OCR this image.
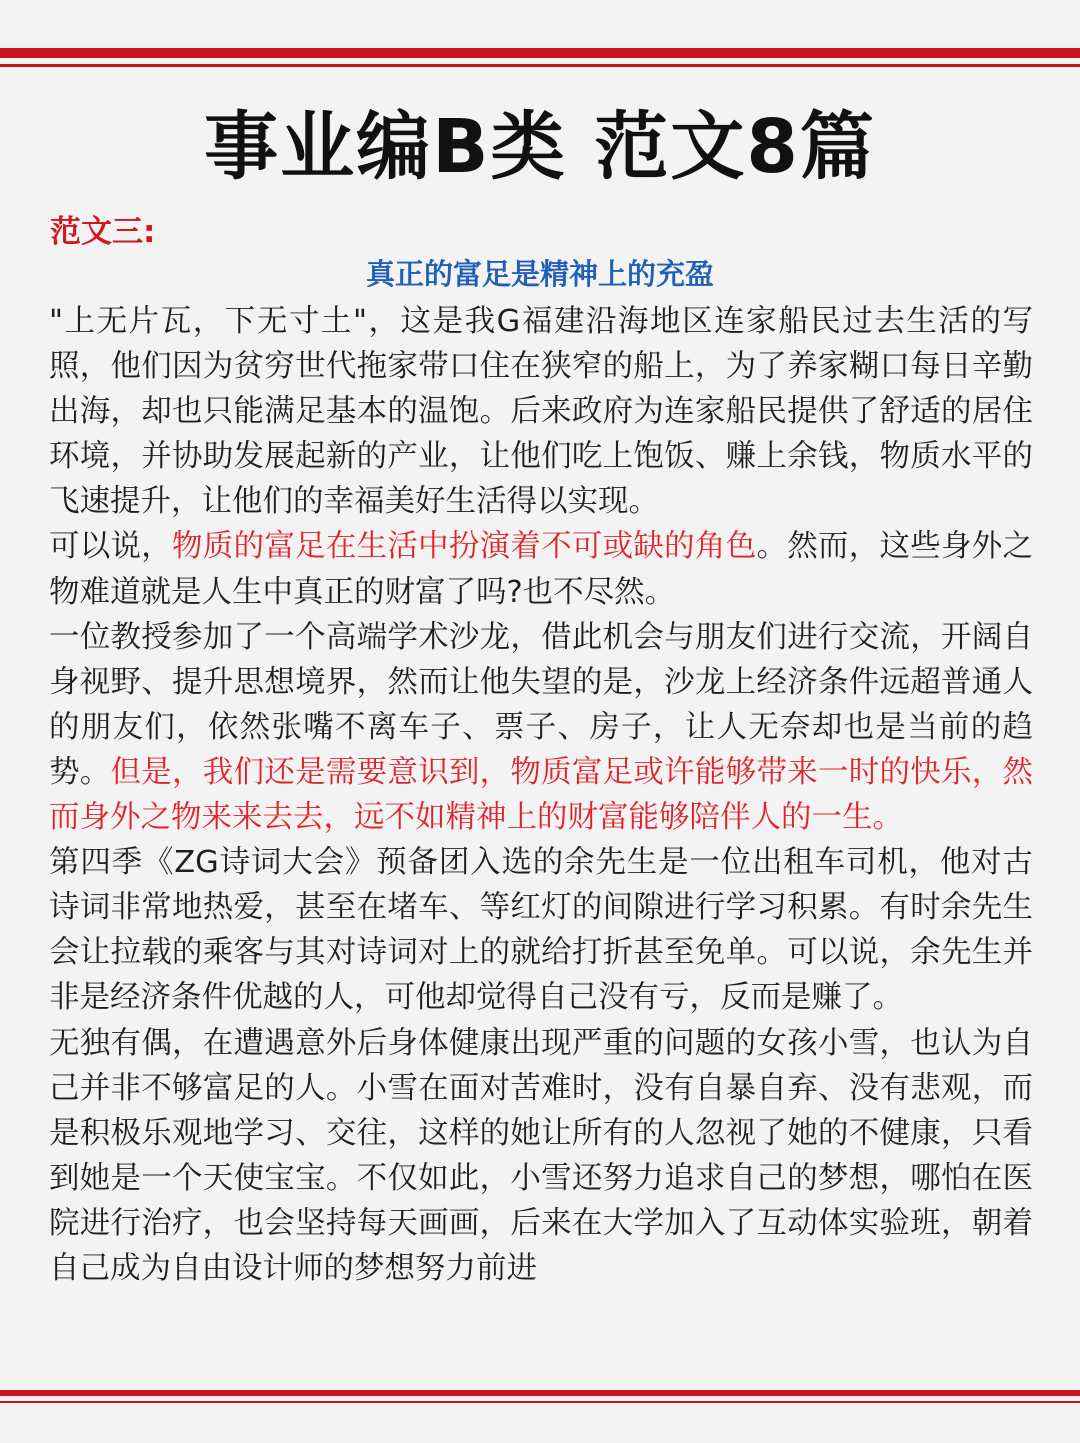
事业编B类 范文8篇
范文三:
真正的富足是精神上的充盈

"上无片瓦，下无寸土"，这是我G福建沿海地区连家船民过去生活的写照，他们因为贫穷世代拖家带口住在狭窄的船上，为了养家糊口每日辛勤出海，却也只能满足基本的温饱。后来政府为连家船民提供了舒适的居住环境，并协助发展起新的产业，让他们吃上饱饭、赚上余钱，物质水平的飞速提升，让他们的幸福美好生活得以实现。

可以说，物质的富足在生活中扮演着不可或缺的角色。然而，这些身外之物难道就是人生中真正的财富了吗?也不尽然。

一位教授参加了一个高端学术沙龙，借此机会与朋友们进行交流，开阔自身视野、提升思想境界，然而让他失望的是，沙龙上经济条件远超普通人的朋友们，依然张嘴不离车子、票子、房子，让人无奈却也是当前的趋势。但是，我们还是需要意识到，物质富足或许能够带来一时的快乐，然而身外之物来来去去，远不如精神上的财富能够陪伴人的一生。

第四季《ZG诗词大会》预备团入选的余先生是一位出租车司机，他对古诗词非常地热爱，甚至在堵车、等红灯的间隙进行学习积累。有时余先生会让拉载的乘客与其对诗词对上的就给打折甚至免单。可以说，余先生并非是经济条件优越的人，可他却觉得自己没有亏，反而是赚了。

无独有偶，在遭遇意外后身体健康出现严重的问题的女孩小雪，也认为自己并非不够富足的人。小雪在面对苦难时，没有自暴自弃、没有悲观，而是积极乐观地学习、交往，这样的她让所有的人忽视了她的不健康，只看到她是一个天使宝宝。不仅如此，小雪还努力追求自己的梦想，哪怕在医院进行治疗，也会坚持每天画画，后来在大学加入了互动体实验班，朝着自己成为自由设计师的梦想努力前进
